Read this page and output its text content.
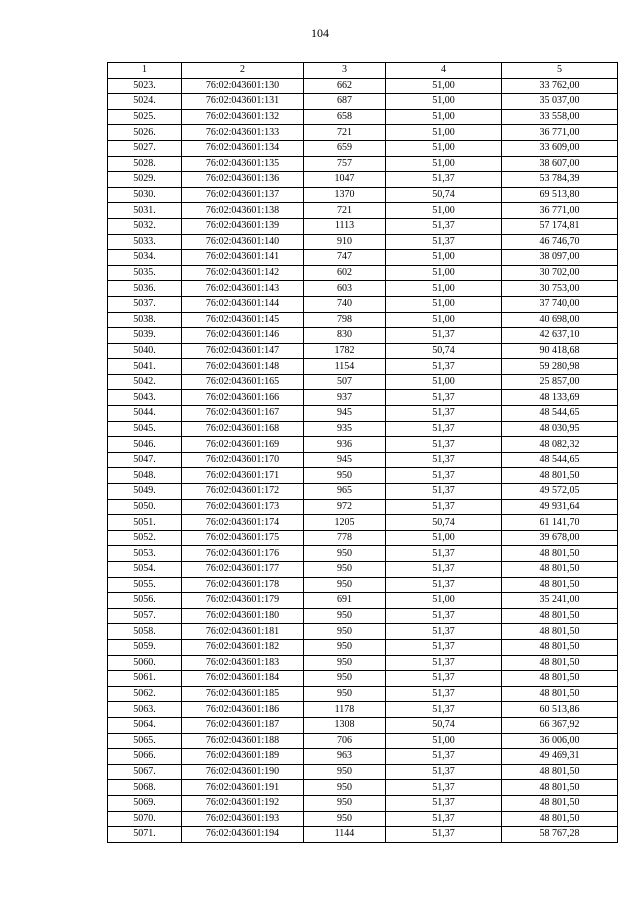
104
1	2	3	4	5
5023.	76:02:043601:130	662	51,00	33 762,00
5024.	76:02:043601:131	687	51,00	35 037,00
5025.	76:02:043601:132	658	51,00	33 558,00
5026.	76:02:043601:133	721	51,00	36 771,00
5027.	76:02:043601:134	659	51,00	33 609,00
5028.	76:02:043601:135	757	51,00	38 607,00
5029.	76:02:043601:136	1047	51,37	53 784,39
5030.	76:02:043601:137	1370	50,74	69 513,80
5031.	76:02:043601:138	721	51,00	36 771,00
5032.	76:02:043601:139	1113	51,37	57 174,81
5033.	76:02:043601:140	910	51,37	46 746,70
5034.	76:02:043601:141	747	51,00	38 097,00
5035.	76:02:043601:142	602	51,00	30 702,00
5036.	76:02:043601:143	603	51,00	30 753,00
5037.	76:02:043601:144	740	51,00	37 740,00
5038.	76:02:043601:145	798	51,00	40 698,00
5039.	76:02:043601:146	830	51,37	42 637,10
5040.	76:02:043601:147	1782	50,74	90 418,68
5041.	76:02:043601:148	1154	51,37	59 280,98
5042.	76:02:043601:165	507	51,00	25 857,00
5043.	76:02:043601:166	937	51,37	48 133,69
5044.	76:02:043601:167	945	51,37	48 544,65
5045.	76:02:043601:168	935	51,37	48 030,95
5046.	76:02:043601:169	936	51,37	48 082,32
5047.	76:02:043601:170	945	51,37	48 544,65
5048.	76:02:043601:171	950	51,37	48 801,50
5049.	76:02:043601:172	965	51,37	49 572,05
5050.	76:02:043601:173	972	51,37	49 931,64
5051.	76:02:043601:174	1205	50,74	61 141,70
5052.	76:02:043601:175	778	51,00	39 678,00
5053.	76:02:043601:176	950	51,37	48 801,50
5054.	76:02:043601:177	950	51,37	48 801,50
5055.	76:02:043601:178	950	51,37	48 801,50
5056.	76:02:043601:179	691	51,00	35 241,00
5057.	76:02:043601:180	950	51,37	48 801,50
5058.	76:02:043601:181	950	51,37	48 801,50
5059.	76:02:043601:182	950	51,37	48 801,50
5060.	76:02:043601:183	950	51,37	48 801,50
5061.	76:02:043601:184	950	51,37	48 801,50
5062.	76:02:043601:185	950	51,37	48 801,50
5063.	76:02:043601:186	1178	51,37	60 513,86
5064.	76:02:043601:187	1308	50,74	66 367,92
5065.	76:02:043601:188	706	51,00	36 006,00
5066.	76:02:043601:189	963	51,37	49 469,31
5067.	76:02:043601:190	950	51,37	48 801,50
5068.	76:02:043601:191	950	51,37	48 801,50
5069.	76:02:043601:192	950	51,37	48 801,50
5070.	76:02:043601:193	950	51,37	48 801,50
5071.	76:02:043601:194	1144	51,37	58 767,28
